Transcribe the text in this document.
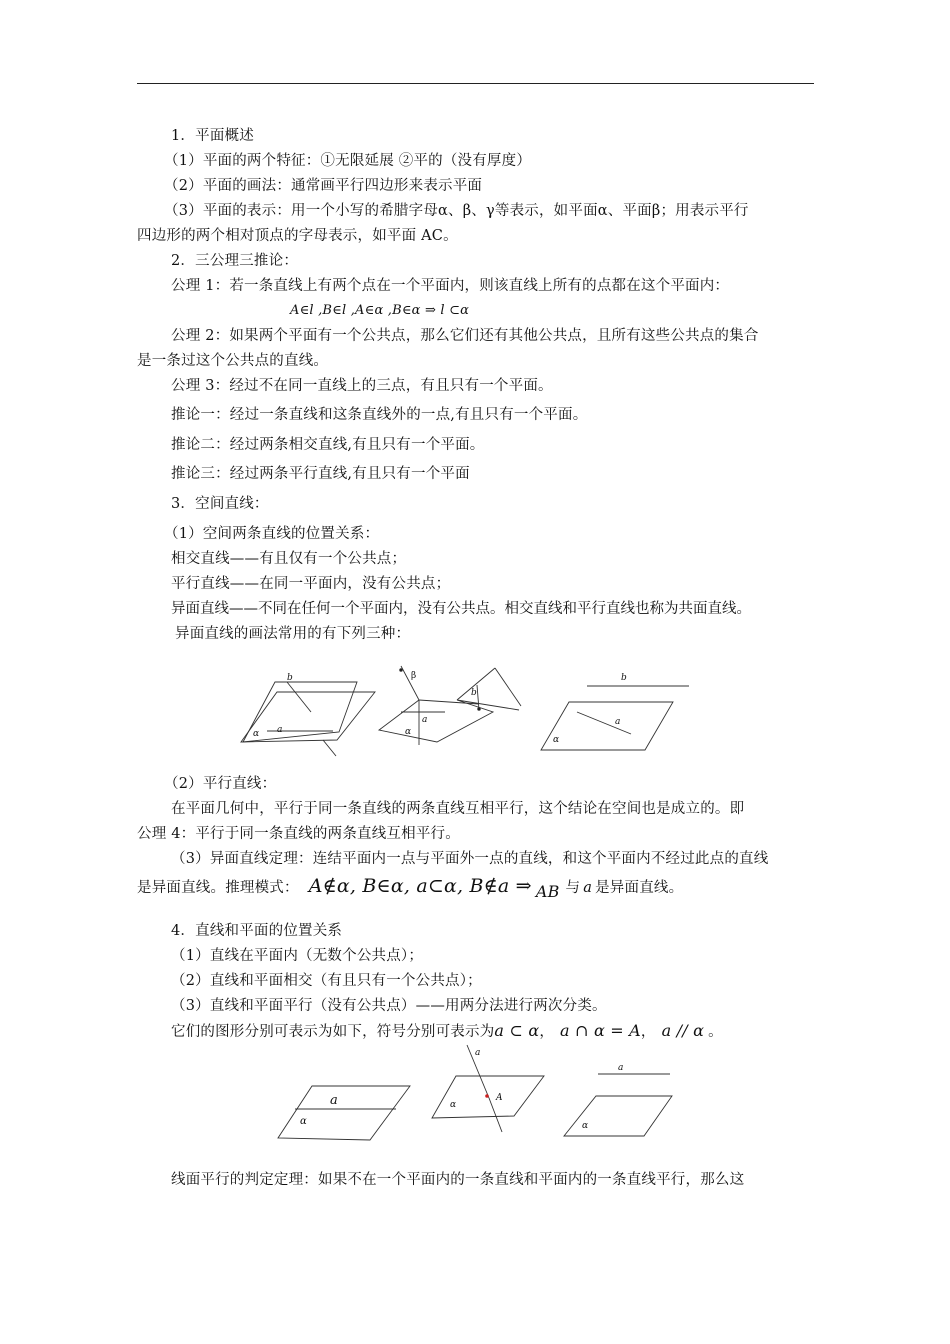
1．平面概述
（1）平面的两个特征：①无限延展 ②平的（没有厚度）
（2）平面的画法：通常画平行四边形来表示平面
（3）平面的表示：用一个小写的希腊字母α、β、γ等表示，如平面α、平面β；用表示平行
四边形的两个相对顶点的字母表示，如平面 AC。
2．三公理三推论：
公理 1：若一条直线上有两个点在一个平面内，则该直线上所有的点都在这个平面内：
A∈l ,B∈l ,A∈α ,B∈α ⇒ l ⊂α
公理 2：如果两个平面有一个公共点，那么它们还有其他公共点，且所有这些公共点的集合
是一条过这个公共点的直线。
公理 3：经过不在同一直线上的三点，有且只有一个平面。
推论一：经过一条直线和这条直线外的一点,有且只有一个平面。
推论二：经过两条相交直线,有且只有一个平面。
推论三：经过两条平行直线,有且只有一个平面
3．空间直线：
（1）空间两条直线的位置关系：
相交直线——有且仅有一个公共点；
平行直线——在同一平面内，没有公共点；
异面直线——不同在任何一个平面内，没有公共点。相交直线和平行直线也称为共面直线。
异面直线的画法常用的有下列三种：
b
a
α
β
b
a
α
b
a
α
（2）平行直线：
在平面几何中，平行于同一条直线的两条直线互相平行，这个结论在空间也是成立的。即
公理 4：平行于同一条直线的两条直线互相平行。
（3）异面直线定理：连结平面内一点与平面外一点的直线，和这个平面内不经过此点的直线
是异面直线。推理模式： A∉α, B∈α, a⊂α, B∉a ⇒ AB 与 a 是异面直线。
4．直线和平面的位置关系
（1）直线在平面内（无数个公共点）；
（2）直线和平面相交（有且只有一个公共点）；
（3）直线和平面平行（没有公共点）——用两分法进行两次分类。
它们的图形分别可表示为如下，符号分别可表示为a ⊂ α， a ∩ α = A， a // α 。
a
α
a
A
α
a
α
线面平行的判定定理：如果不在一个平面内的一条直线和平面内的一条直线平行，那么这
